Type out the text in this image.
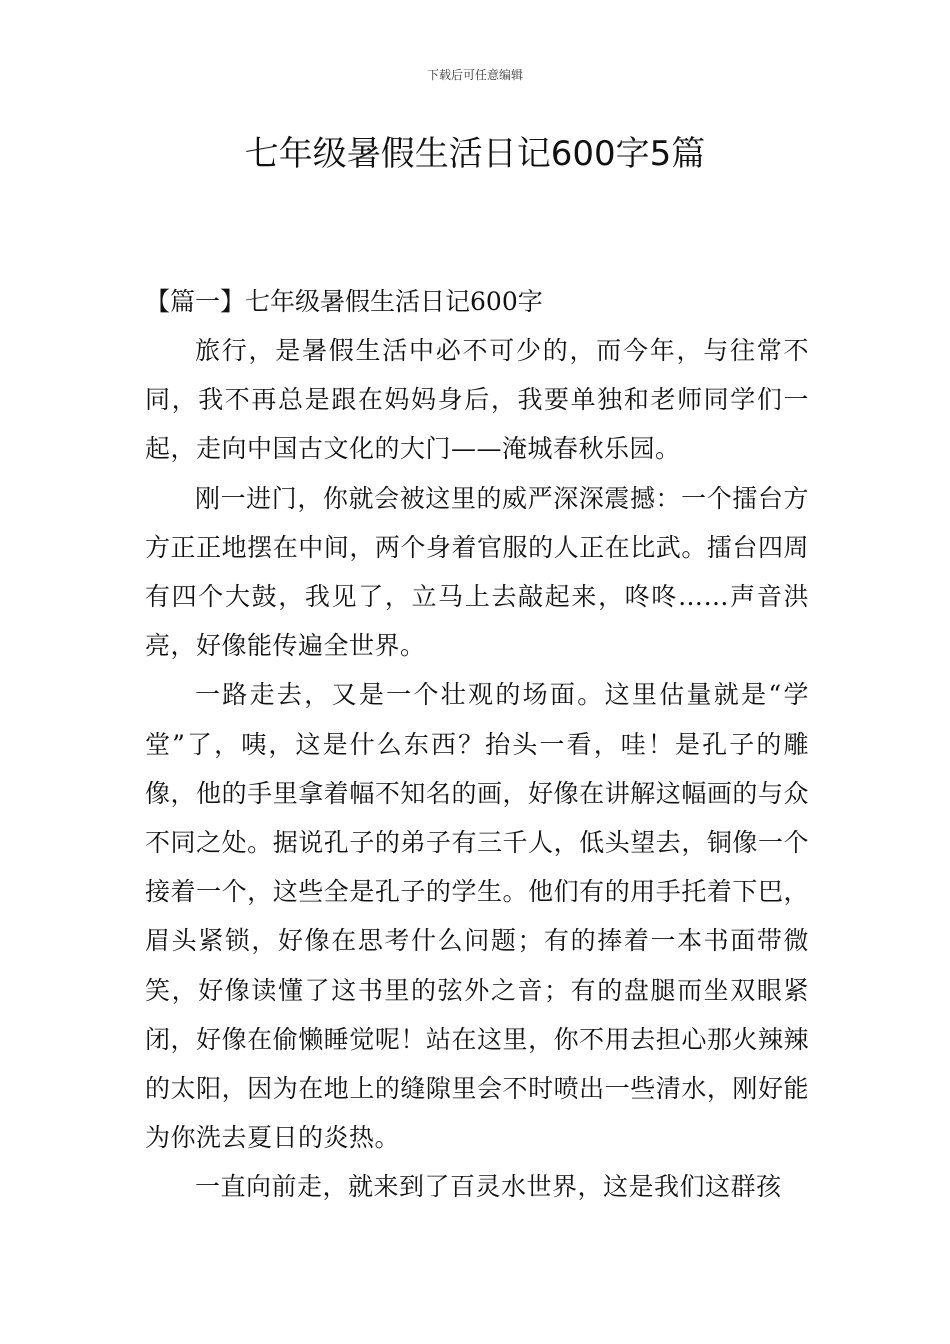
下载后可任意编辑
七年级暑假生活日记600字5篇

【篇一】七年级暑假生活日记600字

旅行，是暑假生活中必不可少的，而今年，与往常不同，我不再总是跟在妈妈身后，我要单独和老师同学们一起，走向中国古文化的大门——淹城春秋乐园。

刚一进门，你就会被这里的威严深深震撼：一个擂台方方正正地摆在中间，两个身着官服的人正在比武。擂台四周有四个大鼓，我见了，立马上去敲起来，咚咚……声音洪亮，好像能传遍全世界。

一路走去，又是一个壮观的场面。这里估量就是“学堂”了，咦，这是什么东西？抬头一看，哇！是孔子的雕像，他的手里拿着幅不知名的画，好像在讲解这幅画的与众不同之处。据说孔子的弟子有三千人，低头望去，铜像一个接着一个，这些全是孔子的学生。他们有的用手托着下巴，眉头紧锁，好像在思考什么问题；有的捧着一本书面带微笑，好像读懂了这书里的弦外之音；有的盘腿而坐双眼紧闭，好像在偷懒睡觉呢！站在这里，你不用去担心那火辣辣的太阳，因为在地上的缝隙里会不时喷出一些清水，刚好能为你洗去夏日的炎热。

一直向前走，就来到了百灵水世界，这是我们这群孩
